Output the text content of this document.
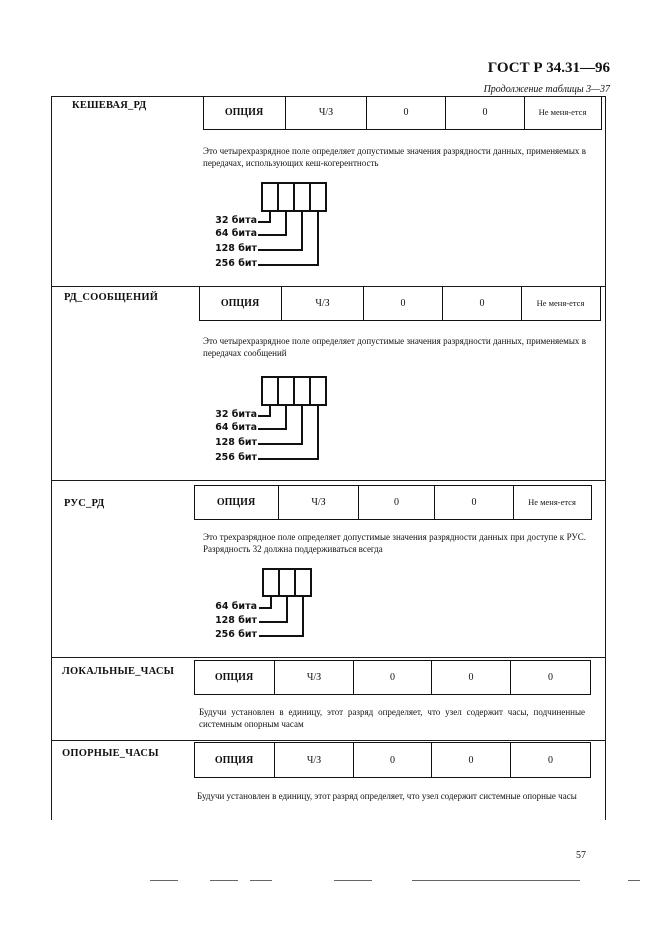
ГОСТ Р 34.31—96
Продолжение таблицы 3—37
КЕШЕВАЯ_РД
ОПЦИЯ	Ч/З	0	0	Не меня-ется
Это четырехразрядное поле определяет допустимые значения разрядности данных, применяемых в передачах, использующих кеш-когерентность
32 бита
64 бита
128 бит
256 бит
РД_СООБЩЕНИЙ	ОПЦИЯ	Ч/З	0	0	Не меня-ется
Это четырехразрядное поле определяет допустимые значения разрядности данных, применяемых в передачах сообщений
32 бита
64 бита
128 бит
256 бит
РУС_РД	ОПЦИЯ	Ч/З	0	0	Не меня-ется
Это трехразрядное поле определяет допустимые значения разрядности данных при доступе к РУС. Разрядность 32 должна поддерживаться всегда
64 бита
128 бит
256 бит
ЛОКАЛЬНЫЕ_ЧАСЫ
ОПЦИЯ	Ч/З	0	0	0
Будучи установлен в единицу, этот разряд определяет, что узел содержит часы, подчиненные системным опорным часам
ОПОРНЫЕ_ЧАСЫ
ОПЦИЯ	Ч/З	0	0	0
Будучи установлен в единицу, этот разряд определяет, что узел содержит системные опорные часы
57
